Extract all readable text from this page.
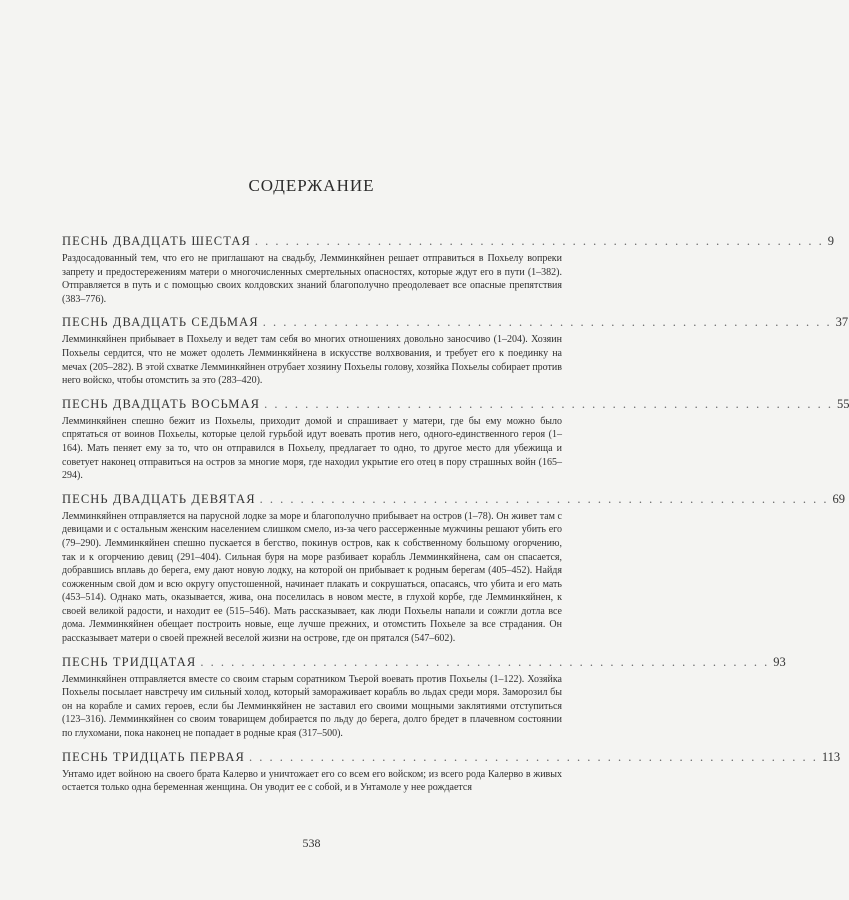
СОДЕРЖАНИЕ
ПЕСНЬ ДВАДЦАТЬ ШЕСТАЯ . . . . . . . . . . . . . . . . . . . . . . . . . . . . . . . . . . . . . . . . . . . . . . . . . . . . . . . . 9
Раздосадованный тем, что его не приглашают на свадьбу, Лемминкяйнен решает отправиться в Похьелу вопреки запрету и предостережениям матери о многочисленных смертельных опасностях, которые ждут его в пути (1–382). Отправляется в путь и с помощью своих колдовских знаний благополучно преодолевает все опасные препятствия (383–776).
ПЕСНЬ ДВАДЦАТЬ СЕДЬМАЯ . . . . . . . . . . . . . . . . . . . . . . . . . . . . . . . . . . . . . . . . . . . . . . . . . . . . . . . . 37
Лемминкяйнен прибывает в Похьелу и ведет там себя во многих отношениях довольно заносчиво (1–204). Хозяин Похьелы сердится, что не может одолеть Лемминкяйнена в искусстве волхвования, и требует его к поединку на мечах (205–282). В этой схватке Лемминкяйнен отрубает хозяину Похьелы голову, хозяйка Похьелы собирает против него войско, чтобы отомстить за это (283–420).
ПЕСНЬ ДВАДЦАТЬ ВОСЬМАЯ . . . . . . . . . . . . . . . . . . . . . . . . . . . . . . . . . . . . . . . . . . . . . . . . . . . . . . . . 55
Лемминкяйнен спешно бежит из Похьелы, приходит домой и спрашивает у матери, где бы ему можно было спрятаться от воинов Похьелы, которые целой гурьбой идут воевать против него, одного-единственного героя (1–164). Мать пеняет ему за то, что он отправился в Похьелу, предлагает то одно, то другое место для убежища и советует наконец отправиться на остров за многие моря, где находил укрытие его отец в пору страшных войн (165–294).
ПЕСНЬ ДВАДЦАТЬ ДЕВЯТАЯ . . . . . . . . . . . . . . . . . . . . . . . . . . . . . . . . . . . . . . . . . . . . . . . . . . . . . . . . 69
Лемминкяйнен отправляется на парусной лодке за море и благополучно прибывает на остров (1–78). Он живет там с девицами и с остальным женским населением слишком смело, из-за чего рассерженные мужчины решают убить его (79–290). Лемминкяйнен спешно пускается в бегство, покинув остров, как к собственному большому огорчению, так и к огорчению девиц (291–404). Сильная буря на море разбивает корабль Лемминкяйнена, сам он спасается, добравшись вплавь до берега, ему дают новую лодку, на которой он прибывает к родным берегам (405–452). Найдя сожженным свой дом и всю округу опустошенной, начинает плакать и сокрушаться, опасаясь, что убита и его мать (453–514). Однако мать, оказывается, жива, она поселилась в новом месте, в глухой корбе, где Лемминкяйнен, к своей великой радости, и находит ее (515–546). Мать рассказывает, как люди Похьелы напали и сожгли дотла все дома. Лемминкяйнен обещает построить новые, еще лучше прежних, и отомстить Похьеле за все страдания. Он рассказывает матери о своей прежней веселой жизни на острове, где он прятался (547–602).
ПЕСНЬ ТРИДЦАТАЯ . . . . . . . . . . . . . . . . . . . . . . . . . . . . . . . . . . . . . . . . . . . . . . . . . . . . . . . . 93
Лемминкяйнен отправляется вместе со своим старым соратником Тьерой воевать против Похьелы (1–122). Хозяйка Похьелы посылает навстречу им сильный холод, который замораживает корабль во льдах среди моря. Заморозил бы он на корабле и самих героев, если бы Лемминкяйнен не заставил его своими мощными заклятиями отступиться (123–316). Лемминкяйнен со своим товарищем добирается по льду до берега, долго бредет в плачевном состоянии по глухомани, пока наконец не попадает в родные края (317–500).
ПЕСНЬ ТРИДЦАТЬ ПЕРВАЯ . . . . . . . . . . . . . . . . . . . . . . . . . . . . . . . . . . . . . . . . . . . . . . . . . . . . . . . . 113
Унтамо идет войною на своего брата Калерво и уничтожает его со всем его войском; из всего рода Калерво в живых остается только одна беременная женщина. Он уводит ее с собой, и в Унтамоле у нее рождается
538
